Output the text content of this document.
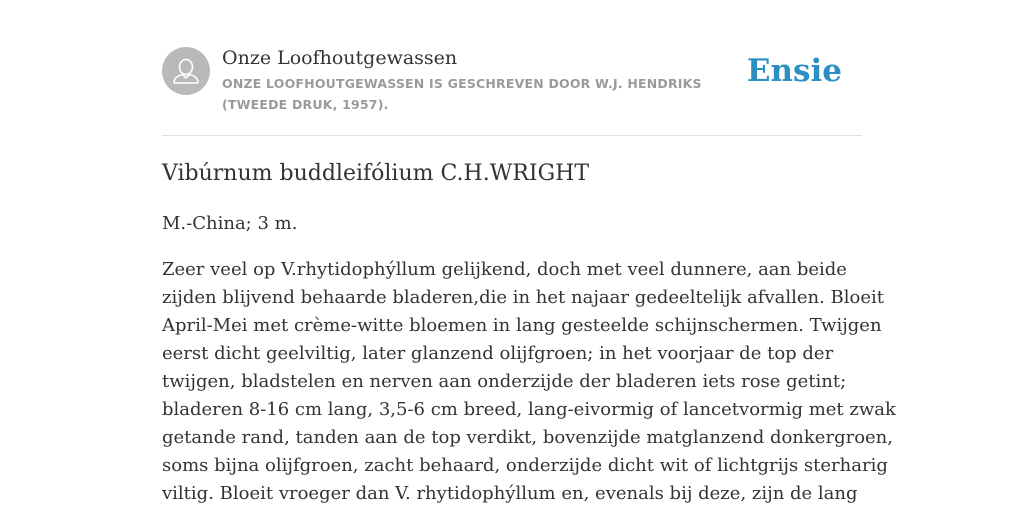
Onze Loofhoutgewassen
ONZE LOOFHOUTGEWASSEN IS GESCHREVEN DOOR W.J. HENDRIKS (TWEEDE DRUK, 1957).
Ensie
Vibúrnum buddleifólium C.H.WRIGHT

M.-China; 3 m.

Zeer veel op V.rhytidophýllum gelijkend, doch met veel dunnere, aan beide
zijden blijvend behaarde bladeren,die in het najaar gedeeltelijk afvallen. Bloeit
April-Mei met crème-witte bloemen in lang gesteelde schijnschermen. Twijgen
eerst dicht geelviltig, later glanzend olijfgroen; in het voorjaar de top der
twijgen, bladstelen en nerven aan onderzijde der bladeren iets rose getint;
bladeren 8-16 cm lang, 3,5-6 cm breed, lang-eivormig of lancetvormig met zwak
getande rand, tanden aan de top verdikt, bovenzijde matglanzend donkergroen,
soms bijna olijfgroen, zacht behaard, onderzijde dicht wit of lichtgrijs sterharig
viltig. Bloeit vroeger dan V. rhytidophýllum en, evenals bij deze, zijn de lang
